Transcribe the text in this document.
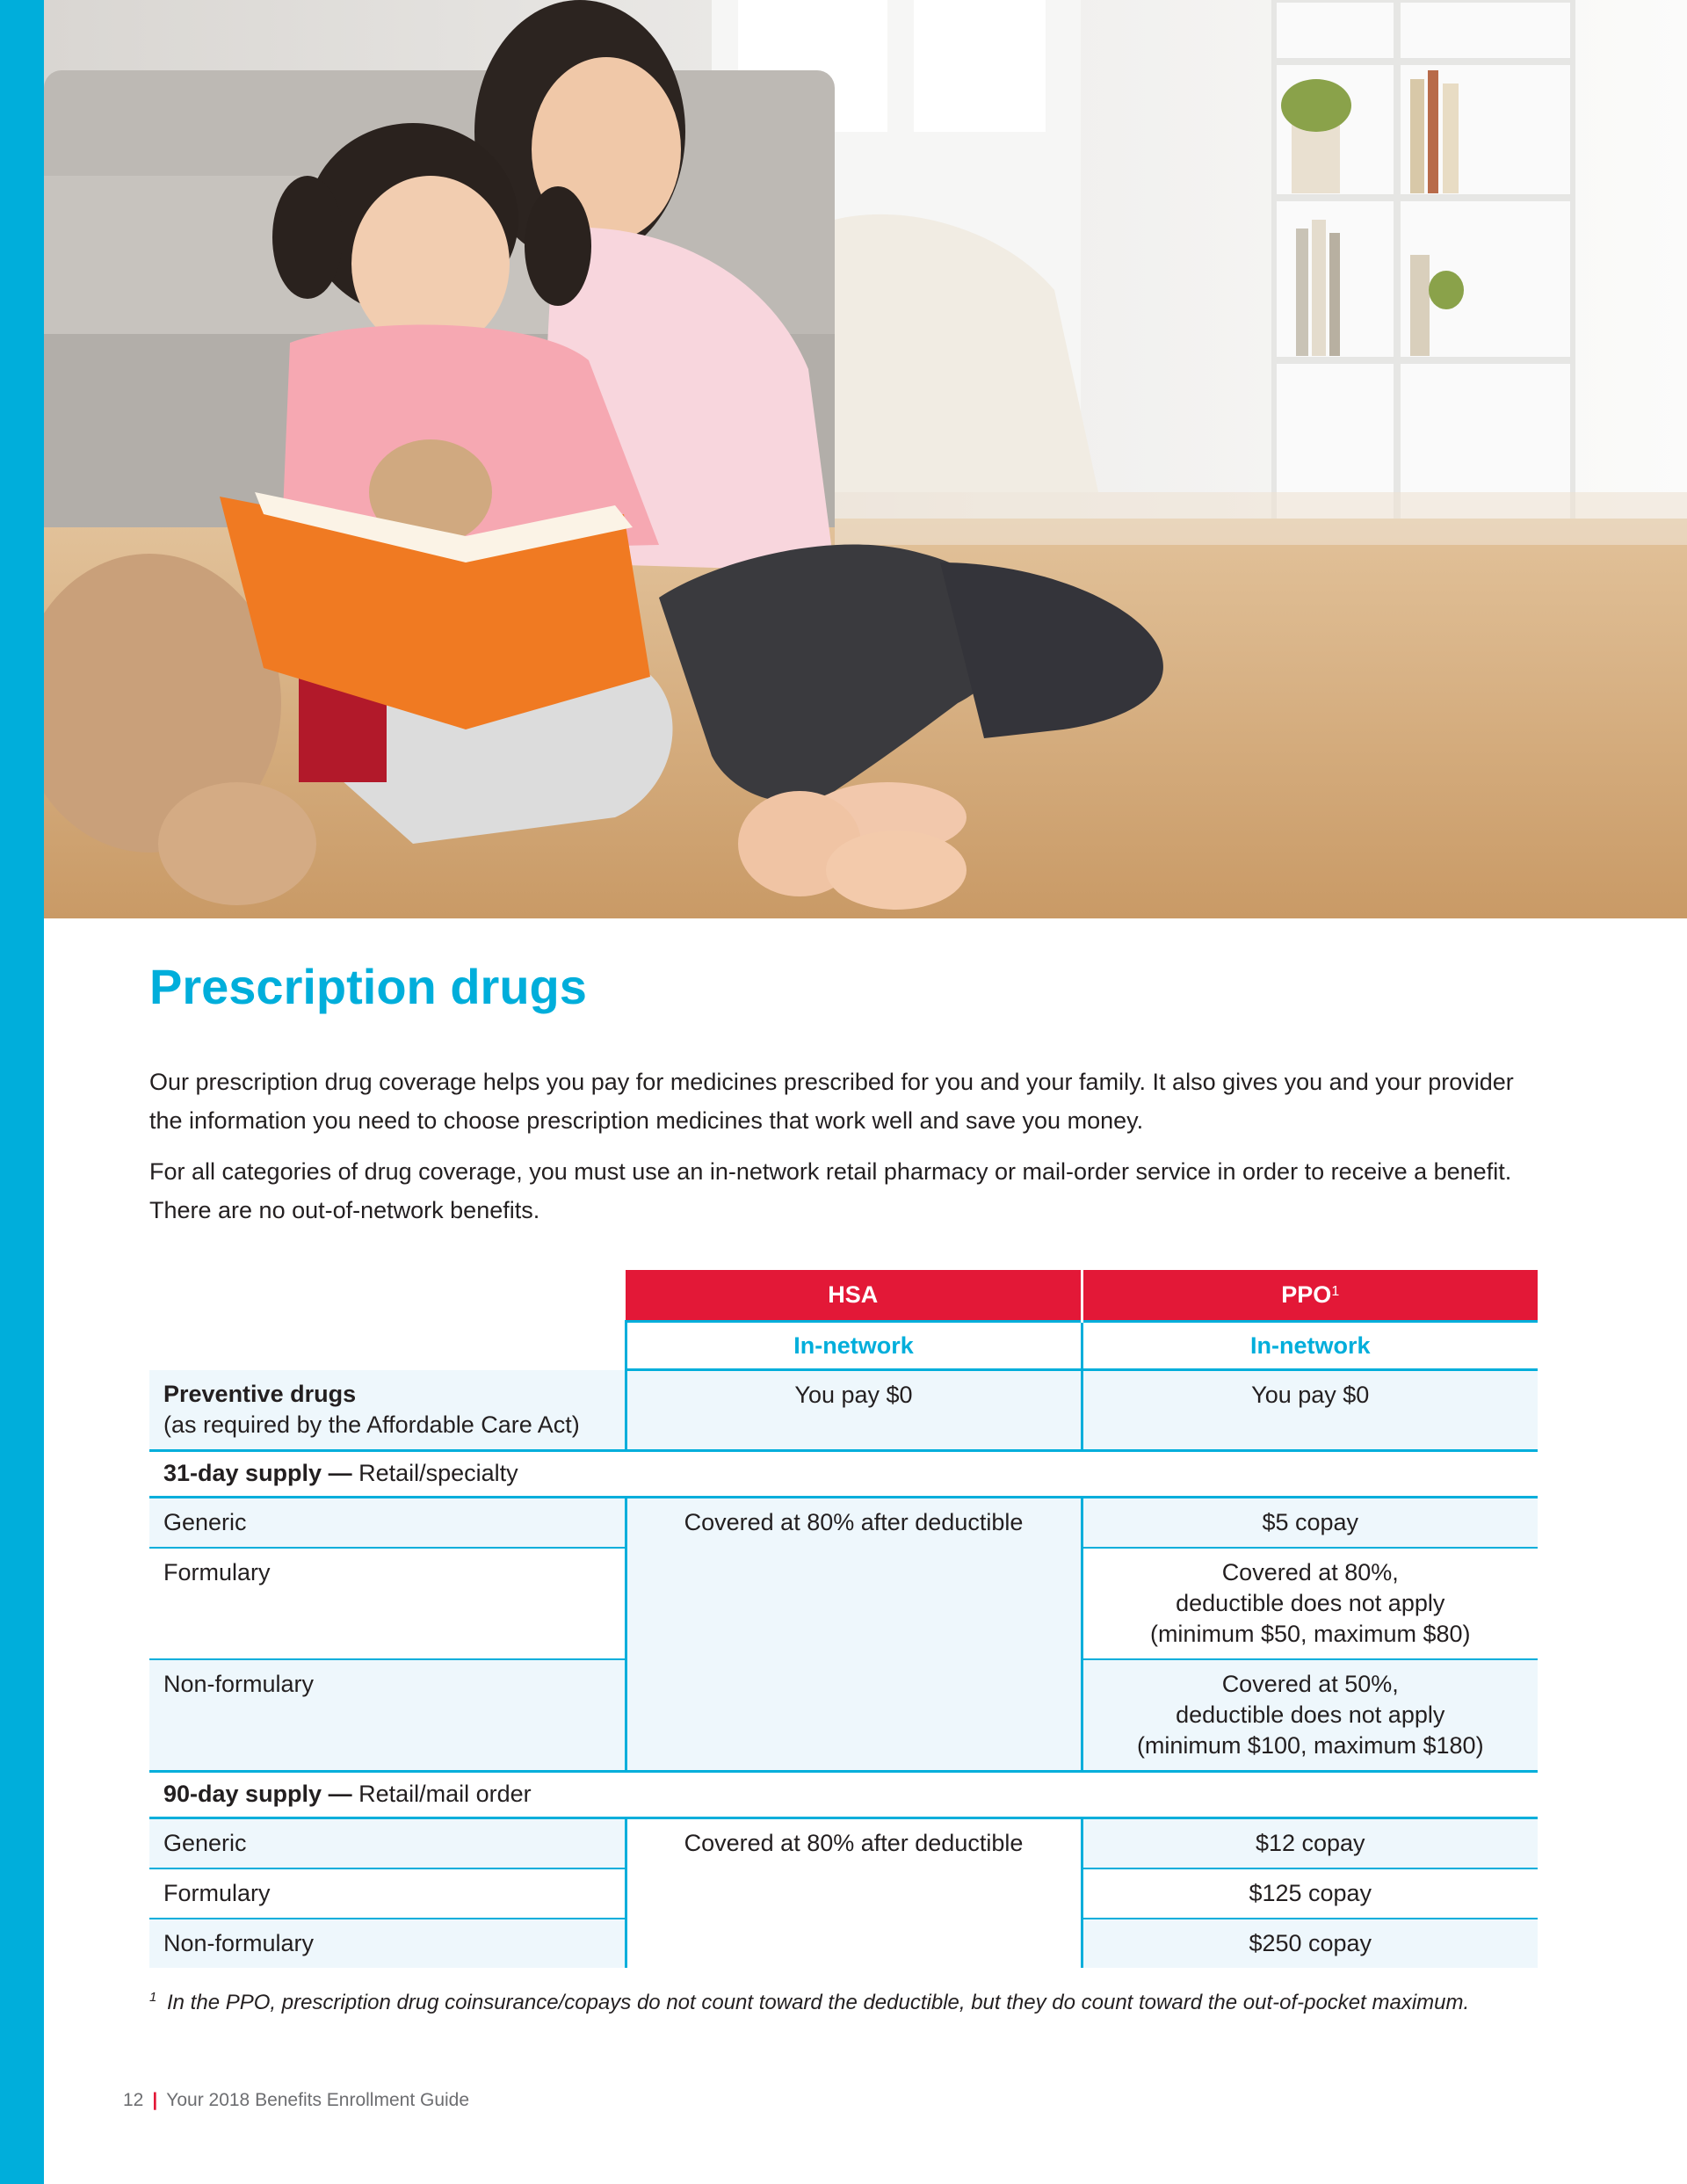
Prescription drugs

Our prescription drug coverage helps you pay for medicines prescribed for you and your family. It also gives you and your provider the information you need to choose prescription medicines that work well and save you money.

For all categories of drug coverage, you must use an in-network retail pharmacy or mail-order service in order to receive a benefit. There are no out-of-network benefits.

	HSA	PPO$^1$
	In-network	In-network

Preventive drugs
(as required by the Affordable Care Act)	You pay $0	You pay $0
31-day supply — Retail/specialty		
Generic	Covered at 80% after deductible	$5 copay
Formulary		Covered at 80%,
deductible does not apply
(minimum $50, maximum $80)

Non-formulary		Covered at 50%,
deductible does not apply
(minimum $100, maximum $180)

90-day supply — Retail/mail order		
Generic	Covered at 80% after deductible	$12 copay
Formulary		$125 copay
Non-formulary		$250 copay
1 In the PPO, prescription drug coinsurance/copays do not count toward the deductible, but they do count toward the out-of-pocket maximum.
12 | Your 2018 Benefits Enrollment Guide
